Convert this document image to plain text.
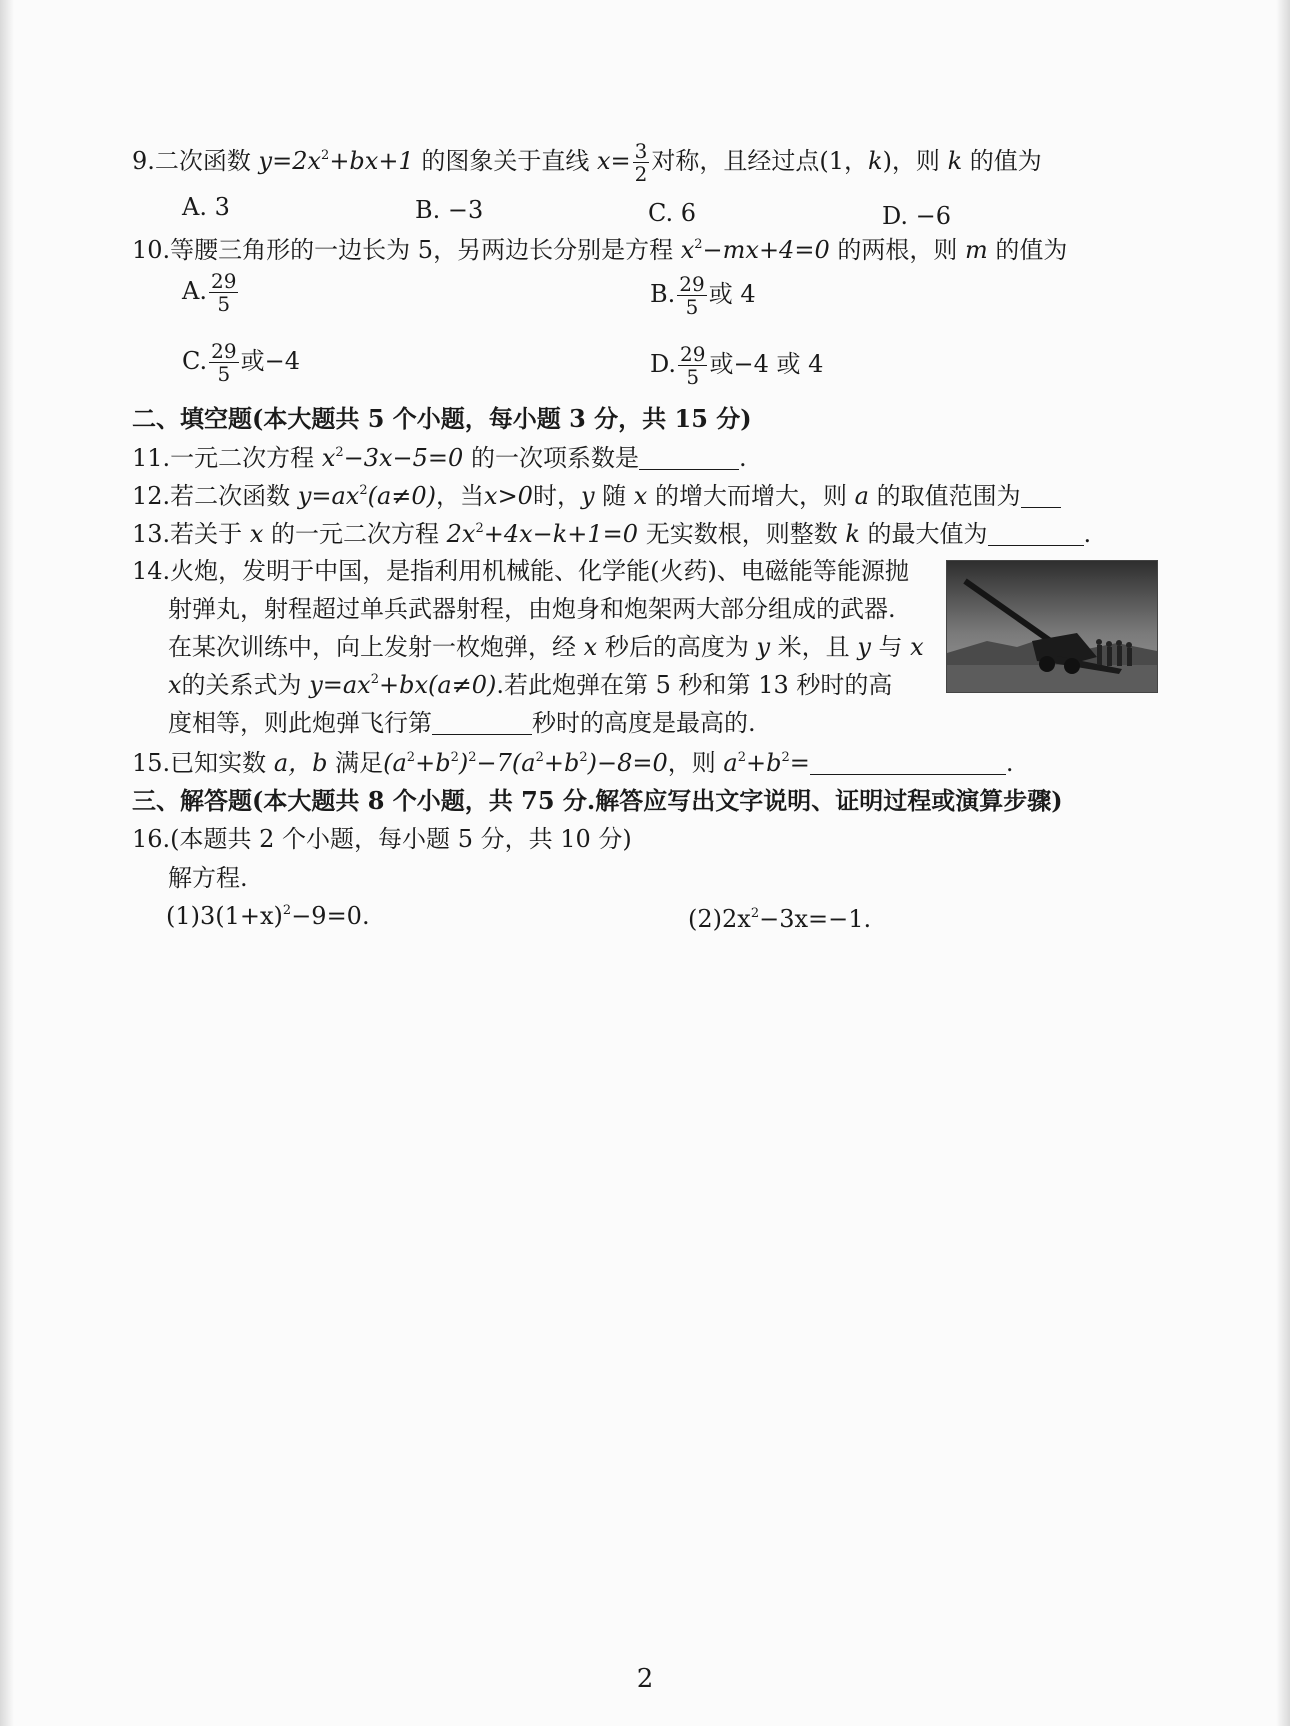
9.二次函数 $y=2x^2+bx+1$ 的图象关于直线 $x= \frac{3}{2}$ 对称，且经过点(1，k)，则 k 的值为
A. 3	B. −3	C. 6	D. −6
10.等腰三角形的一边长为 5，另两边长分别是方程 $x^2-mx+4=0$ 的两根，则 m 的值为
A. $\frac{29}{5}$	B. $\frac{29}{5}$ 或 4
C. $\frac{29}{5}$ 或−4	D. $\frac{29}{5}$ 或−4 或 4
二、填空题(本大题共 5 个小题，每小题 3 分，共 15 分)
11.一元二次方程 $x^2-3x-5=0$ 的一次项系数是	.
12.若二次函数 $y=ax^2(a\ne 0)$，当x>0时，y 随 x 的增大而增大，则 a 的取值范围为
13.若关于 x 的一元二次方程 $2x^2+4x-k+1=0$ 无实数根，则整数 k 的最大值为	.
14.火炮，发明于中国，是指利用机械能、化学能(火药)、电磁能等能源抛
射弹丸，射程超过单兵武器射程，由炮身和炮架两大部分组成的武器.
在某次训练中，向上发射一枚炮弹，经 x 秒后的高度为 y 米，且 y 与 x
x的关系式为 $y=ax^2+bx(a\ne 0)$.若此炮弹在第 5 秒和第 13 秒时的高
度相等，则此炮弹飞行第	秒时的高度是最高的.
15.已知实数 a，b 满足$(a^2+b^2)^2-7(a^2+b^2)-8=0$，则 $a^2+b^2=$	.
三、解答题(本大题共 8 个小题，共 75 分.解答应写出文字说明、证明过程或演算步骤)
16.(本题共 2 个小题，每小题 5 分，共 10 分)
解方程.
$(1)3(1+x)^2-9=0$.	$(2)2x^2-3x=-1$.
2
